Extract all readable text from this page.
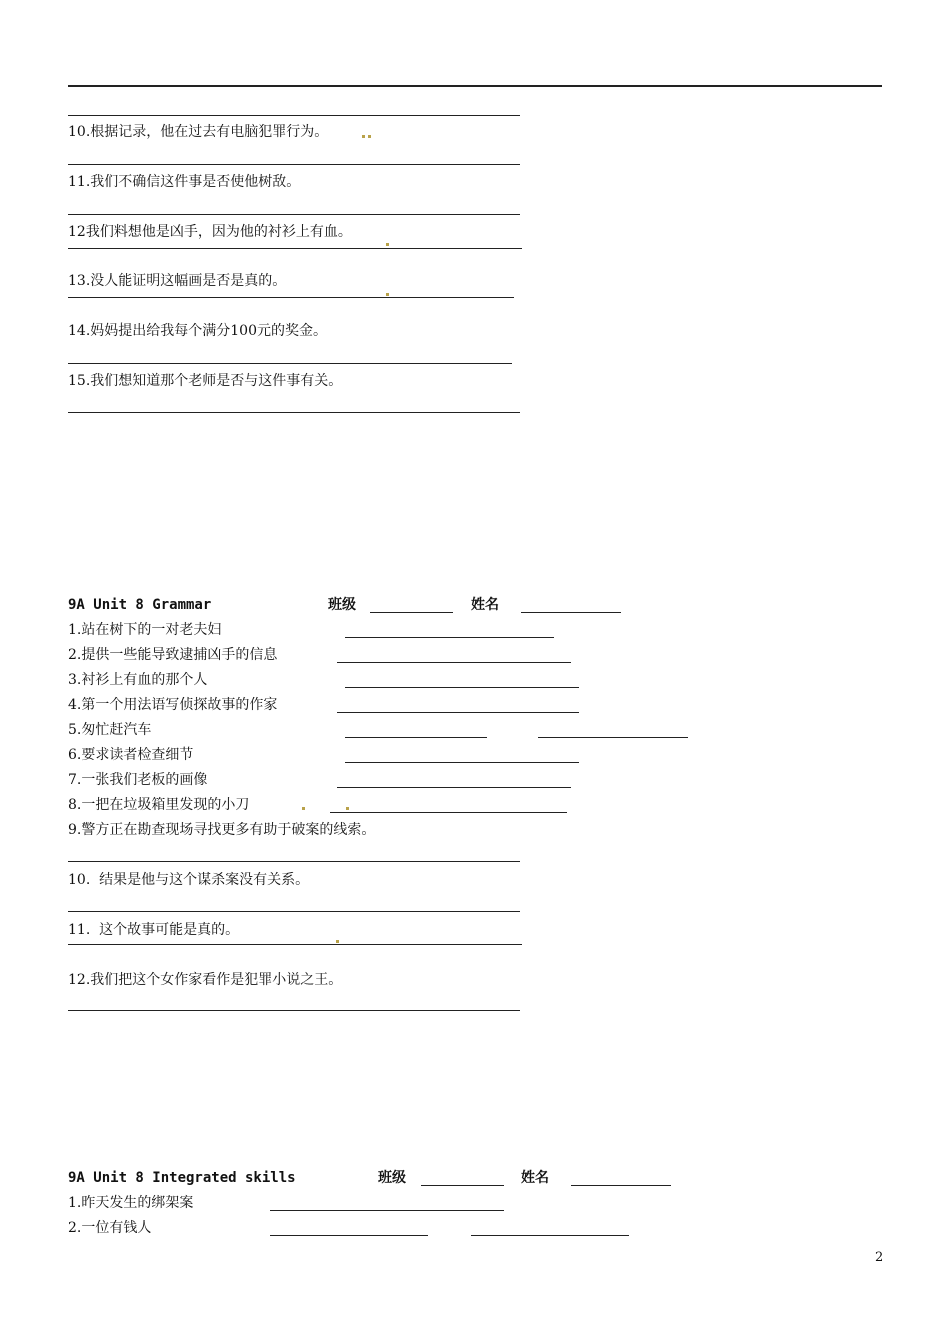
10.根据记录，他在过去有电脑犯罪行为。
11.我们不确信这件事是否使他树敌。
12我们料想他是凶手，因为他的衬衫上有血。
13.没人能证明这幅画是否是真的。
14.妈妈提出给我每个满分100元的奖金。
15.我们想知道那个老师是否与这件事有关。
9A Unit 8 Grammar	班级	姓名
1.站在树下的一对老夫妇
2.提供一些能导致逮捕凶手的信息
3.衬衫上有血的那个人
4.第一个用法语写侦探故事的作家
5.匆忙赶汽车
6.要求读者检查细节
7.一张我们老板的画像
8.一把在垃圾箱里发现的小刀
9.警方正在勘查现场寻找更多有助于破案的线索。
10.  结果是他与这个谋杀案没有关系。
11.  这个故事可能是真的。
12.我们把这个女作家看作是犯罪小说之王。
9A Unit 8 Integrated skills	班级	姓名
1.昨天发生的绑架案
2.一位有钱人
2
